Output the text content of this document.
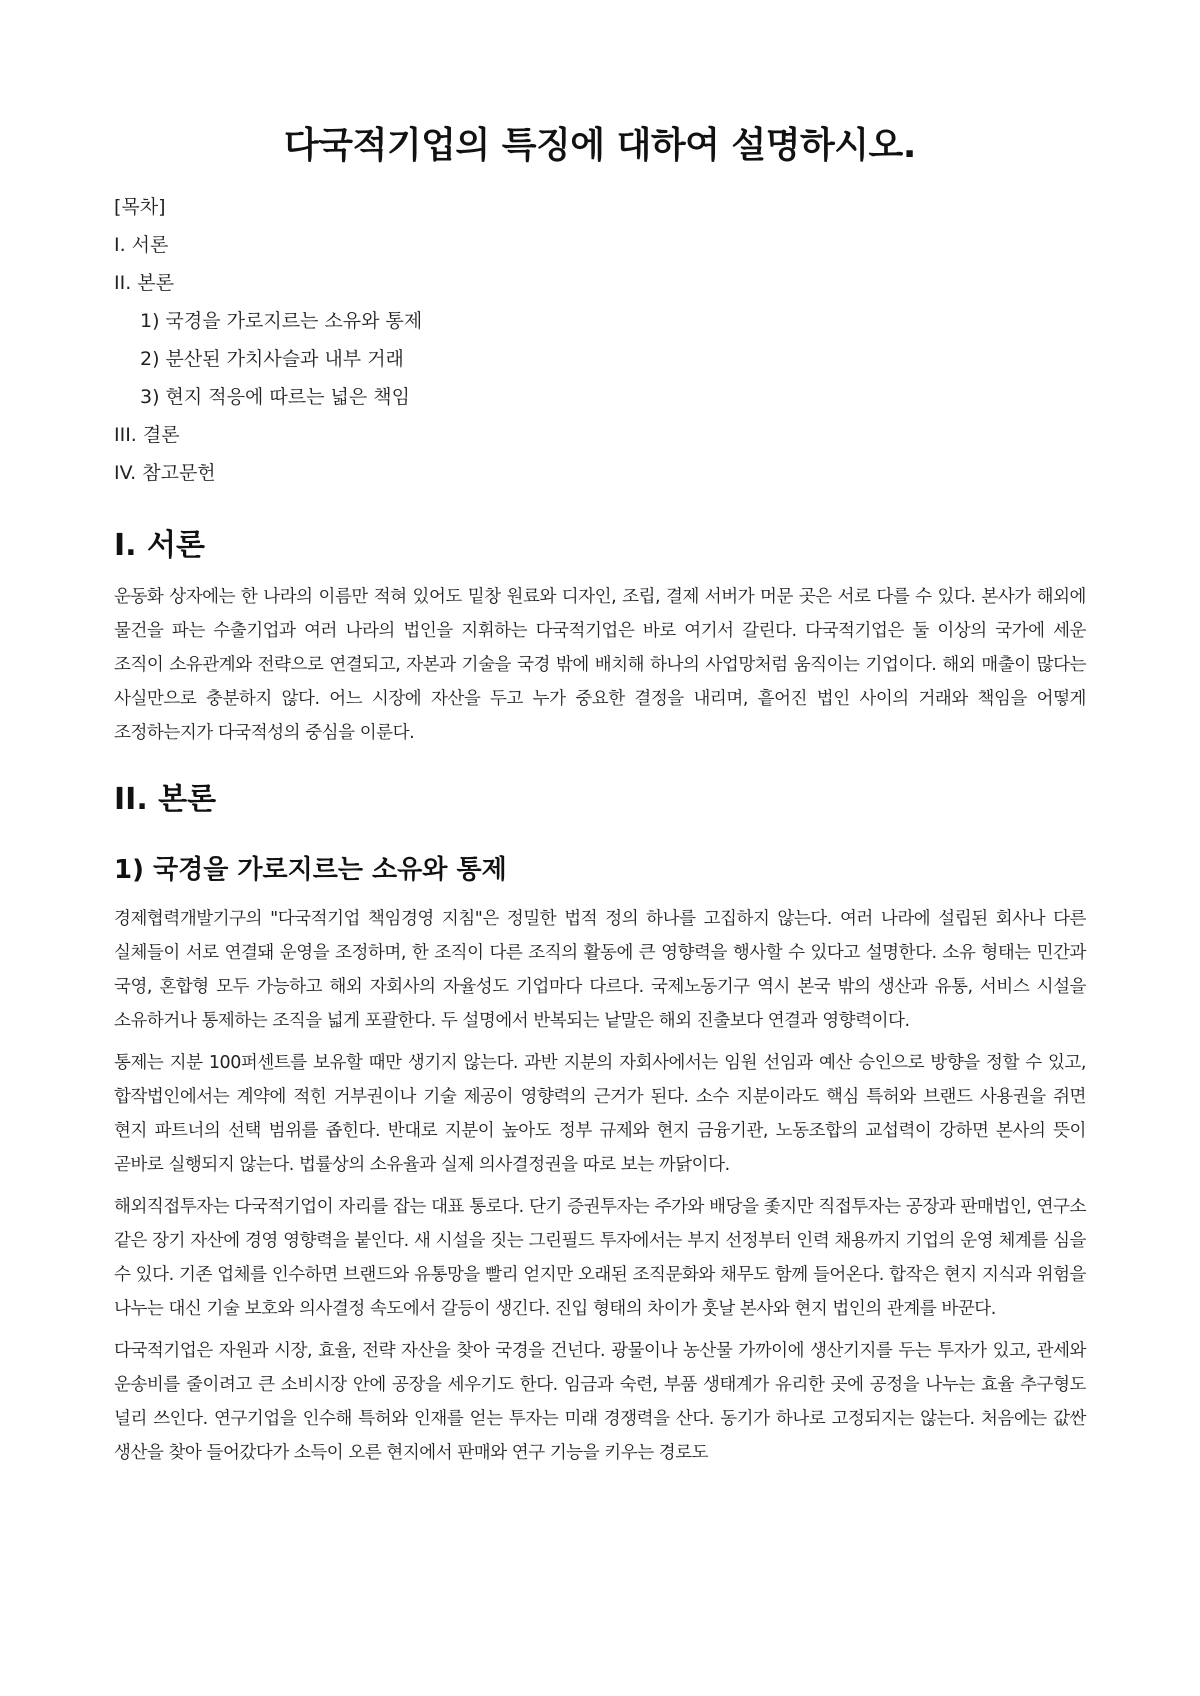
다국적기업의 특징에 대하여 설명하시오.
[목차]
I. 서론
II. 본론
1) 국경을 가로지르는 소유와 통제
2) 분산된 가치사슬과 내부 거래
3) 현지 적응에 따르는 넓은 책임
III. 결론
IV. 참고문헌
I. 서론

운동화 상자에는 한 나라의 이름만 적혀 있어도 밑창 원료와 디자인, 조립, 결제 서버가 머문 곳은 서로 다를 수 있다. 본사가 해외에 물건을 파는 수출기업과 여러 나라의 법인을 지휘하는 다국적기업은 바로 여기서 갈린다. 다국적기업은 둘 이상의 국가에 세운 조직이 소유관계와 전략으로 연결되고, 자본과 기술을 국경 밖에 배치해 하나의 사업망처럼 움직이는 기업이다. 해외 매출이 많다는 사실만으로 충분하지 않다. 어느 시장에 자산을 두고 누가 중요한 결정을 내리며, 흩어진 법인 사이의 거래와 책임을 어떻게 조정하는지가 다국적성의 중심을 이룬다.

II. 본론
1) 국경을 가로지르는 소유와 통제

경제협력개발기구의 "다국적기업 책임경영 지침"은 정밀한 법적 정의 하나를 고집하지 않는다. 여러 나라에 설립된 회사나 다른 실체들이 서로 연결돼 운영을 조정하며, 한 조직이 다른 조직의 활동에 큰 영향력을 행사할 수 있다고 설명한다. 소유 형태는 민간과 국영, 혼합형 모두 가능하고 해외 자회사의 자율성도 기업마다 다르다. 국제노동기구 역시 본국 밖의 생산과 유통, 서비스 시설을 소유하거나 통제하는 조직을 넓게 포괄한다. 두 설명에서 반복되는 낱말은 해외 진출보다 연결과 영향력이다.

통제는 지분 100퍼센트를 보유할 때만 생기지 않는다. 과반 지분의 자회사에서는 임원 선임과 예산 승인으로 방향을 정할 수 있고, 합작법인에서는 계약에 적힌 거부권이나 기술 제공이 영향력의 근거가 된다. 소수 지분이라도 핵심 특허와 브랜드 사용권을 쥐면 현지 파트너의 선택 범위를 좁힌다. 반대로 지분이 높아도 정부 규제와 현지 금융기관, 노동조합의 교섭력이 강하면 본사의 뜻이 곧바로 실행되지 않는다. 법률상의 소유율과 실제 의사결정권을 따로 보는 까닭이다.

해외직접투자는 다국적기업이 자리를 잡는 대표 통로다. 단기 증권투자는 주가와 배당을 좇지만 직접투자는 공장과 판매법인, 연구소 같은 장기 자산에 경영 영향력을 붙인다. 새 시설을 짓는 그린필드 투자에서는 부지 선정부터 인력 채용까지 기업의 운영 체계를 심을 수 있다. 기존 업체를 인수하면 브랜드와 유통망을 빨리 얻지만 오래된 조직문화와 채무도 함께 들어온다. 합작은 현지 지식과 위험을 나누는 대신 기술 보호와 의사결정 속도에서 갈등이 생긴다. 진입 형태의 차이가 훗날 본사와 현지 법인의 관계를 바꾼다.

다국적기업은 자원과 시장, 효율, 전략 자산을 찾아 국경을 건넌다. 광물이나 농산물 가까이에 생산기지를 두는 투자가 있고, 관세와 운송비를 줄이려고 큰 소비시장 안에 공장을 세우기도 한다. 임금과 숙련, 부품 생태계가 유리한 곳에 공정을 나누는 효율 추구형도 널리 쓰인다. 연구기업을 인수해 특허와 인재를 얻는 투자는 미래 경쟁력을 산다. 동기가 하나로 고정되지는 않는다. 처음에는 값싼 생산을 찾아 들어갔다가 소득이 오른 현지에서 판매와 연구 기능을 키우는 경로도
